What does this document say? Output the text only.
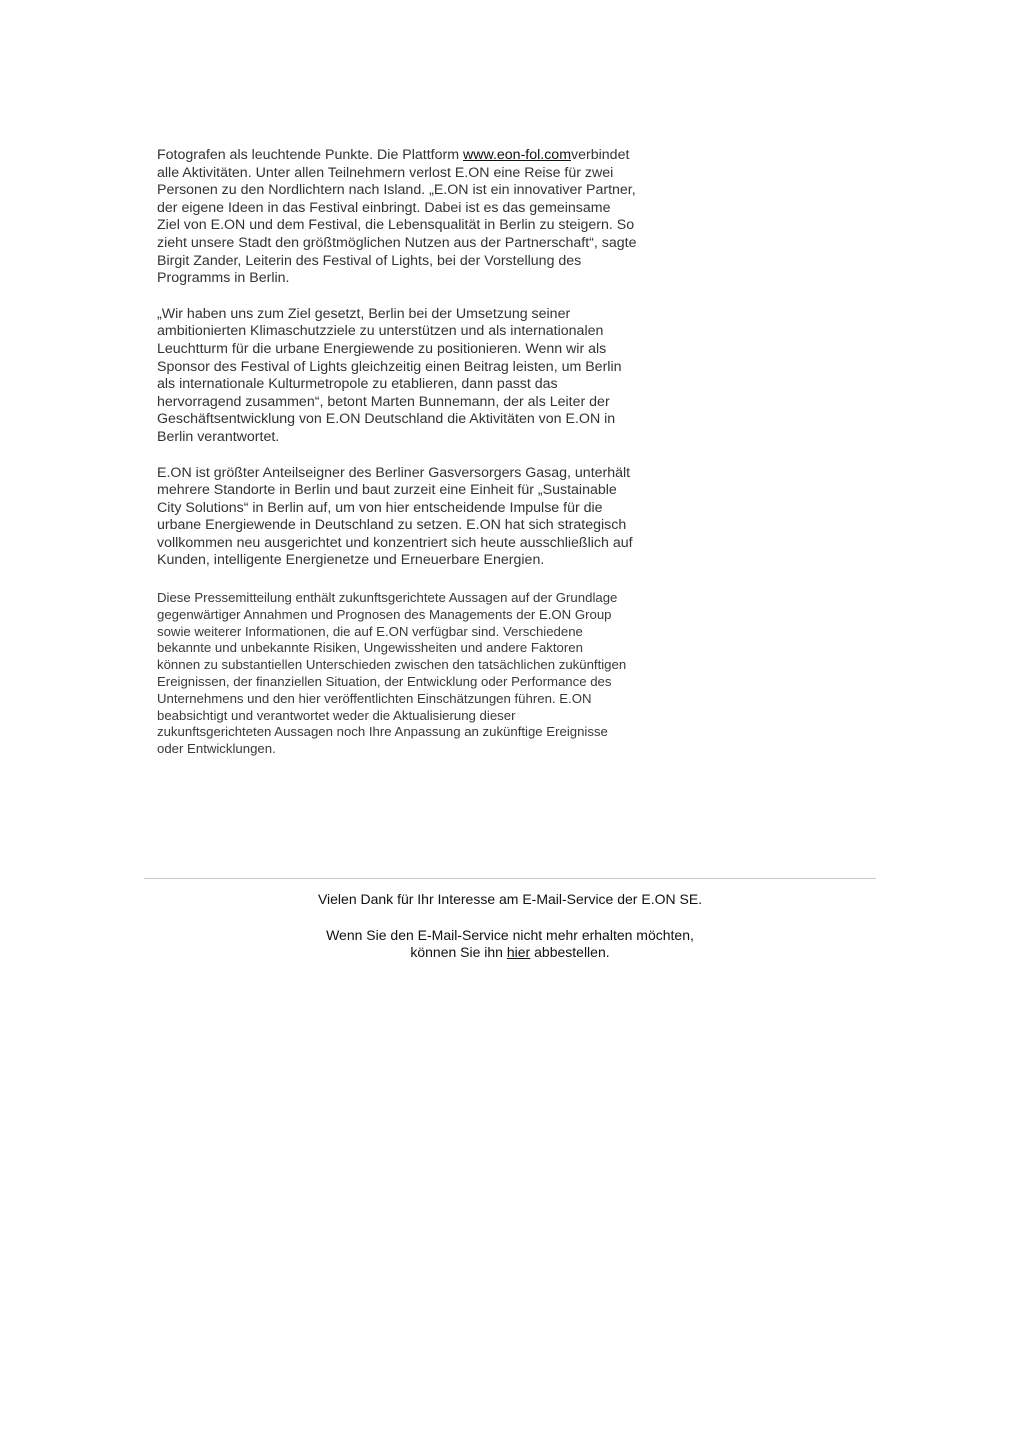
Fotografen als leuchtende Punkte. Die Plattform www.eon-fol.comverbindet alle Aktivitäten. Unter allen Teilnehmern verlost E.ON eine Reise für zwei Personen zu den Nordlichtern nach Island. „E.ON ist ein innovativer Partner, der eigene Ideen in das Festival einbringt. Dabei ist es das gemeinsame Ziel von E.ON und dem Festival, die Lebensqualität in Berlin zu steigern. So zieht unsere Stadt den größtmöglichen Nutzen aus der Partnerschaft“, sagte Birgit Zander, Leiterin des Festival of Lights, bei der Vorstellung des Programms in Berlin.

„Wir haben uns zum Ziel gesetzt, Berlin bei der Umsetzung seiner ambitionierten Klimaschutzziele zu unterstützen und als internationalen Leuchtturm für die urbane Energiewende zu positionieren. Wenn wir als Sponsor des Festival of Lights gleichzeitig einen Beitrag leisten, um Berlin als internationale Kulturmetropole zu etablieren, dann passt das hervorragend zusammen“, betont Marten Bunnemann, der als Leiter der Geschäftsentwicklung von E.ON Deutschland die Aktivitäten von E.ON in Berlin verantwortet.

E.ON ist größter Anteilseigner des Berliner Gasversorgers Gasag, unterhält mehrere Standorte in Berlin und baut zurzeit eine Einheit für „Sustainable City Solutions“ in Berlin auf, um von hier entscheidende Impulse für die urbane Energiewende in Deutschland zu setzen. E.ON hat sich strategisch vollkommen neu ausgerichtet und konzentriert sich heute ausschließlich auf Kunden, intelligente Energienetze und Erneuerbare Energien.

Diese Pressemitteilung enthält zukunftsgerichtete Aussagen auf der Grundlage gegenwärtiger Annahmen und Prognosen des Managements der E.ON Group sowie weiterer Informationen, die auf E.ON verfügbar sind. Verschiedene bekannte und unbekannte Risiken, Ungewissheiten und andere Faktoren können zu substantiellen Unterschieden zwischen den tatsächlichen zukünftigen Ereignissen, der finanziellen Situation, der Entwicklung oder Performance des Unternehmens und den hier veröffentlichten Einschätzungen führen. E.ON beabsichtigt und verantwortet weder die Aktualisierung dieser zukunftsgerichteten Aussagen noch Ihre Anpassung an zukünftige Ereignisse oder Entwicklungen.

Vielen Dank für Ihr Interesse am E-Mail-Service der E.ON SE.

Wenn Sie den E-Mail-Service nicht mehr erhalten möchten,
können Sie ihn hier abbestellen.
